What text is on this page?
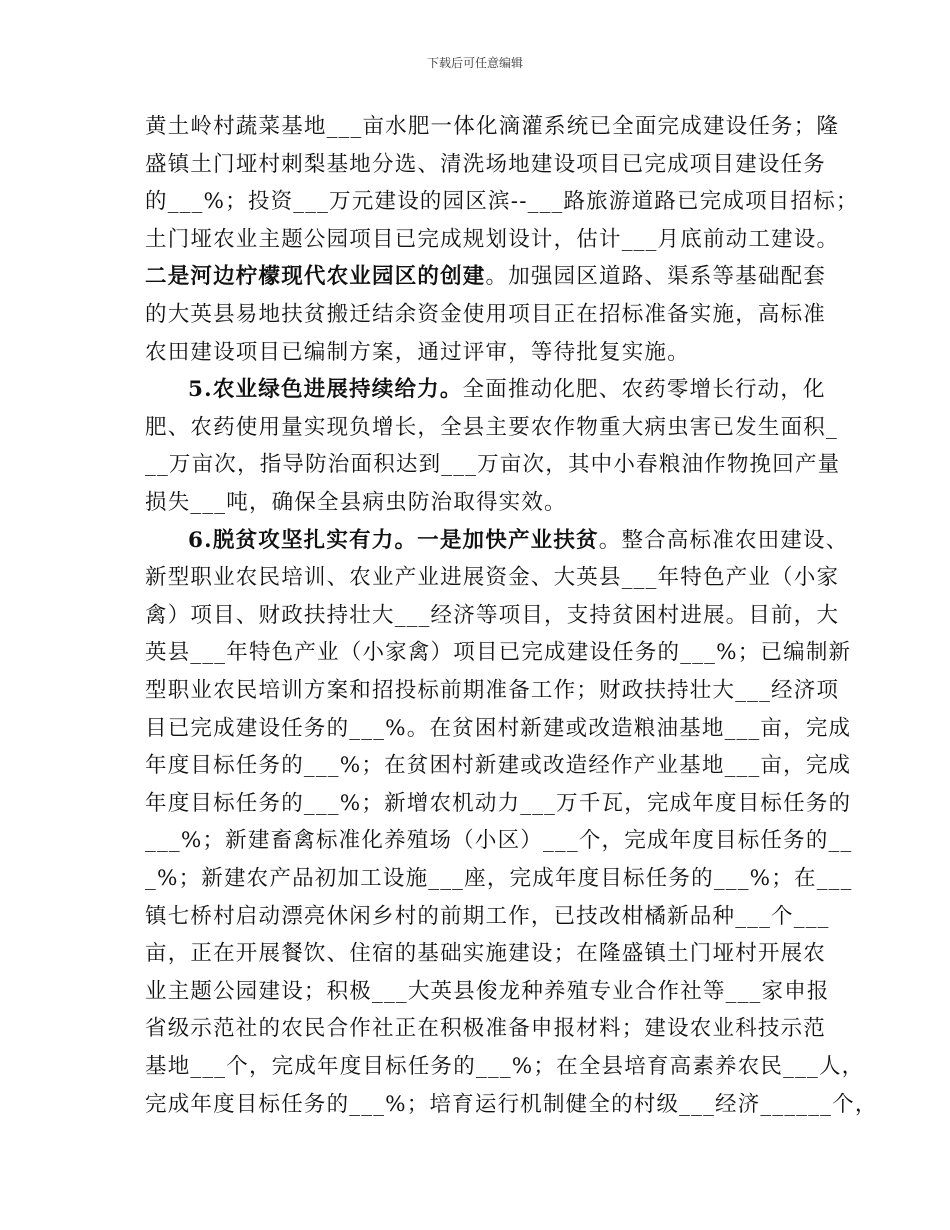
下载后可任意编辑
黄土岭村蔬菜基地___亩水肥一体化滴灌系统已全面完成建设任务；隆
盛镇土门垭村刺梨基地分选、清洗场地建设项目已完成项目建设任务
的___%；投资___万元建设的园区滨--___路旅游道路已完成项目招标；
土门垭农业主题公园项目已完成规划设计，估计___月底前动工建设。
二是河边柠檬现代农业园区的创建。加强园区道路、渠系等基础配套
的大英县易地扶贫搬迁结余资金使用项目正在招标准备实施，高标准
农田建设项目已编制方案，通过评审，等待批复实施。
5.农业绿色进展持续给力。全面推动化肥、农药零增长行动，化
肥、农药使用量实现负增长，全县主要农作物重大病虫害已发生面积_
__万亩次，指导防治面积达到___万亩次，其中小春粮油作物挽回产量
损失___吨，确保全县病虫防治取得实效。
6.脱贫攻坚扎实有力。一是加快产业扶贫。整合高标准农田建设、
新型职业农民培训、农业产业进展资金、大英县___年特色产业（小家
禽）项目、财政扶持壮大___经济等项目，支持贫困村进展。目前，大
英县___年特色产业（小家禽）项目已完成建设任务的___%；已编制新
型职业农民培训方案和招投标前期准备工作；财政扶持壮大___经济项
目已完成建设任务的___%。在贫困村新建或改造粮油基地___亩，完成
年度目标任务的___%；在贫困村新建或改造经作产业基地___亩，完成
年度目标任务的___%；新增农机动力___万千瓦，完成年度目标任务的
___%；新建畜禽标准化养殖场（小区）___个，完成年度目标任务的__
_%；新建农产品初加工设施___座，完成年度目标任务的___%；在___
镇七桥村启动漂亮休闲乡村的前期工作，已技改柑橘新品种___个___
亩，正在开展餐饮、住宿的基础实施建设；在隆盛镇土门垭村开展农
业主题公园建设；积极___大英县俊龙种养殖专业合作社等___家申报
省级示范社的农民合作社正在积极准备申报材料；建设农业科技示范
基地___个，完成年度目标任务的___%；在全县培育高素养农民___人，
完成年度目标任务的___%；培育运行机制健全的村级___经济______个，
